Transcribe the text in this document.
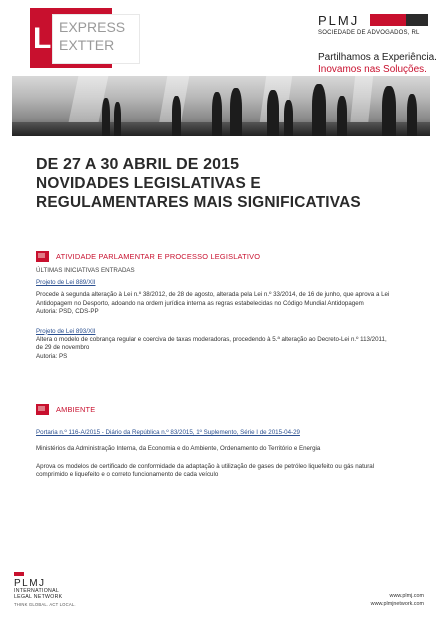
EXPRESS
EXTTER
L
PLMJ
SOCIEDADE DE ADVOGADOS, RL
Partilhamos a Experiência.
Inovamos nas Soluções.
DE 27 A 30 ABRIL DE 2015
NOVIDADES LEGISLATIVAS E
REGULAMENTARES MAIS SIGNIFICATIVAS
ATIVIDADE PARLAMENTAR E PROCESSO LEGISLATIVO
ÚLTIMAS INICIATIVAS ENTRADAS
Projeto de Lei 889/XII
Procede à segunda alteração à Lei n.º 38/2012, de 28 de agosto, alterada pela Lei n.º 33/2014, de 16 de junho, que aprova a Lei
Antidopagem no Desporto, adoando na ordem jurídica interna as regras estabelecidas no Código Mundial Antidopagem
Autoria: PSD, CDS-PP
Projeto de Lei 893/XII
Altera o modelo de cobrança regular e coerciva de taxas moderadoras, procedendo à 5.ª alteração ao Decreto-Lei n.º 113/2011,
de 29 de novembro
Autoria: PS
AMBIENTE
Portaria n.º 116-A/2015 - Diário da República n.º 83/2015, 1º Suplemento, Série I de 2015-04-29
Ministérios da Administração Interna, da Economia e do Ambiente, Ordenamento do Território e Energia
Aprova os modelos de certificado de conformidade da adaptação à utilização de gases de petróleo liquefeito ou gás natural
comprimido e liquefeito e o correto funcionamento de cada veículo
PLMJ
INTERNATIONAL
LEGAL NETWORK
THINK GLOBAL. ACT LOCAL.
www.plmj.com
www.plmjnetwork.com
